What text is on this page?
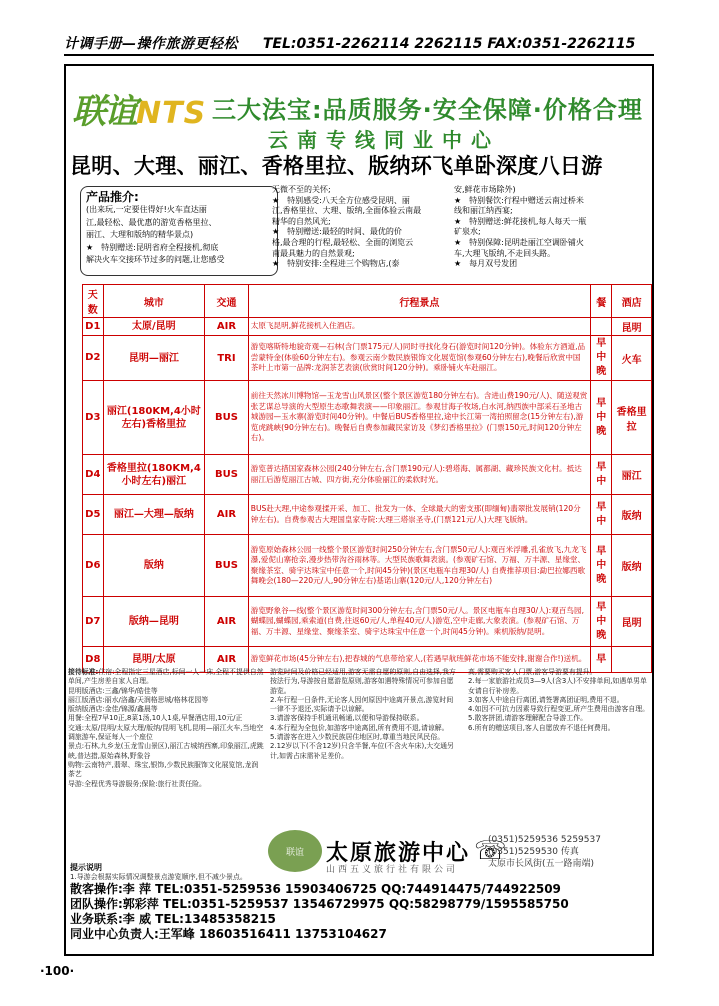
计调手册—操作旅游更轻松 TEL:0351-2262114 2262115 FAX:0351-2262115
联谊NTS 三大法宝:品质服务·安全保障·价格合理
云南专线同业中心
昆明、大理、丽江、香格里拉、版纳环飞单卧深度八日游
产品推介:
(出来玩,一定要住得好!火车直达丽
江,最轻松、最优惠的游览香格里拉、
丽江、大理和版纳的精华景点)
★　特别赠送:昆明省府全程接机,彻底
解决火车交接环节过多的问题,让您感受
无微不至的关怀;
★　特别感受:八天全方位感受昆明、丽
江,香格里拉、大理、版纳,全面体验云南最
精华的自然风光;
★　特别赠送:最轻的时间、最优的价
格,最合理的行程,最轻松、全面的浏览云
南最具魅力的自然景观;
★　特别安排:全程进三个购物店,(泰
安,鲜花市场除外)
★　特别餐饮:行程中赠送云南过桥米
线和丽江纳西宴;
★　特别赠送:鲜花接机,每人每天一瓶
矿泉水;
★　特别保障:昆明赴丽江空调卧铺火
车,大理飞版纳,不走回头路。
★　每月双号发团
天数	城市	交通	行程景点	餐	酒店
D1	太原/昆明	AIR	太原飞昆明,鲜花接机入住酒店。		昆明
D2	昆明—丽江	TRI	游览喀斯特地貌奇观—石林(含门票175元/人)同时寻找化身石(游览时间120分钟)。体验东方酒道,品尝蒙特金(体验60分钟左右)。参观云南少数民族银饰文化展览馆(参观60分钟左右),晚餐后欣赏中国茶叶上市第一品牌:龙润茶艺表演(欣赏时间120分钟)。乘卧铺火车赴丽江。	早中晚	火车
D3	丽江(180KM,4小时左右)香格里拉	BUS	前往天然冰川博物馆—玉龙雪山风景区(整个景区游览180分钟左右)。含进山费190元/人)、随送观赏张艺谋总导演的大型原生态歌舞表演——印象丽江。参观甘海子牧场,白水河,纳西族中部采石圣地古城游园—玉水寨(游览时间40分钟)。中餐后BUS香格里拉,途中长江第一湾拍照留念(15分钟左右),游览虎跳峡(90分钟左右)。晚餐后自费参加藏民家访及《梦幻香格里拉》(门票150元,时间120分钟左右)。	早中晚	香格里拉
D4	香格里拉(180KM,4小时左右)丽江	BUS	游览普达措国家森林公园(240分钟左右,含门票190元/人):碧塔海、属都湖、藏珍民族文化村。抵达丽江后游览丽江古城、四方街,充分体验丽江的柔软时光。	早中	丽江
D5	丽江—大理—版纳	AIR	BUS赴大理,中途参观揉开采、加工、批发为一体、全球最大的密支那(即缅甸)翡翠批发展销(120分钟左右)。自费参观古大理国皇家寺院:大理三塔崇圣寺,(门票121元/人)大理飞版纳。	早中	版纳
D6	版纳	BUS	游览原始森林公园一线整个景区游览时间250分钟左右,含门票50元/人):观百米浮雕,孔雀放飞,九龙飞瀑,爱伲山寨抢亲,漫步热带沟谷雨林等。大型民族歌舞表演。(参观矿石馆、万福、万丰源、星缘堂、聚缘茶室、骑宇达珠宝中任意一个,时间45分钟)(景区电瓶车自理30/人) 自费推荐项目:勐巴拉娜西歌舞晚会(180—220元/人,90分钟左右)基诺山寨(120元/人,120分钟左右)	早中晚	版纳
D7	版纳—昆明	AIR	游览野象谷—线(整个景区游览时间300分钟左右,含门票50元/人。景区电瓶车自理30/人):观百鸟园,蝴蝶园,蝴蝶园,乘索道(自费,往返60元/人,单程40元/人)游览,空中走廊,大象表演。(参观矿石馆、万福、万丰源、星缘堂、聚缘茶室、骑宇达珠宝中任意一个,时间45分钟)。乘机版纳/昆明。	早中晚	昆明
D8	昆明/太原	AIR	游览鲜花市场(45分钟左右),把春城的气息带给家人,(若遇早航班鲜花市场不能安排,谢谢合作!)送机。	早	
接待标准:住宿:全程指定三星酒店,标间一人一床,全程不提供自然单间,产生房差自家人自理。
昆明版酒店:三鑫/锦华/皓佳等
丽江版酒店:丽水/洛鑫/天润格思城/格林花园等
版纳版酒店:金佳/锦源/鑫晨等
用餐:全程7早10正,8菜1汤,10人1桌,早餐酒店用,10元/正
交通:太原/昆明/太原大理/版纳/昆明飞机,昆明—丽江火车,当地空调旅游车,保证每人一个座位
景点:石林,九乡龙(玉龙雪山景区),丽江古城纳西寨,印象丽江,虎跳峡,普达措,原始森林,野象谷
购物:云南特产,翡翠、珠宝,银饰,少数民族服饰文化展览馆,龙润茶艺
导游:全程优秀导游服务;保险:旅行社责任险。
游览时间及价格已经适用,游客无需自愿的原则,自由选择,我方按法行为,导游按自愿游览原则,游客如遇特殊情况可参加自愿游览。
2.车行程一日条件,无论客人因何原因中途离开景点,游览时间一律不予退还,实际请予以谅解。
3.请游客保持手机通讯畅通,以便和导游保持联系。
4.本行程为全包价,如游客中途离团,所有费用不退,请谅解。
5.请游客在进入少数民族居住地区时,尊重当地民风民俗。
2.12岁以下(不含12岁)只含半餐,车位(不含火车床),大交通另计,如需占床需补足差价。
高,需要购买客人门票,游客导游要有提升。
2.每一家旅游社成员3—9人(含3人)不安排单间,如遇单男单女请自行补房差。
3.如客人中途自行离团,请签署离团证明,费用不退。
4.如因不可抗力因素导致行程变更,所产生费用由游客自理。
5.散客拼团,请游客理解配合导游工作。
6.所有的赠送项目,客人自愿放弃不退任何费用。
联谊	太原旅游中心
山西五义旅行社有限公司
☏
(0351)5259536 5259537
(0351)5259530 传真
太原市长风街(五一路南端)
提示说明
1.导游会根据实际情况调整景点游览顺序,但不减少景点。
散客操作:李 萍 TEL:0351-5259536 15903406725 QQ:744914475/744922509
团队操作:郭彩萍 TEL:0351-5259537 13546729975 QQ:58298779/1595585750
业务联系:李 威 TEL:13485358215
同业中心负责人:王军峰 18603516411 13753104627
·100·
